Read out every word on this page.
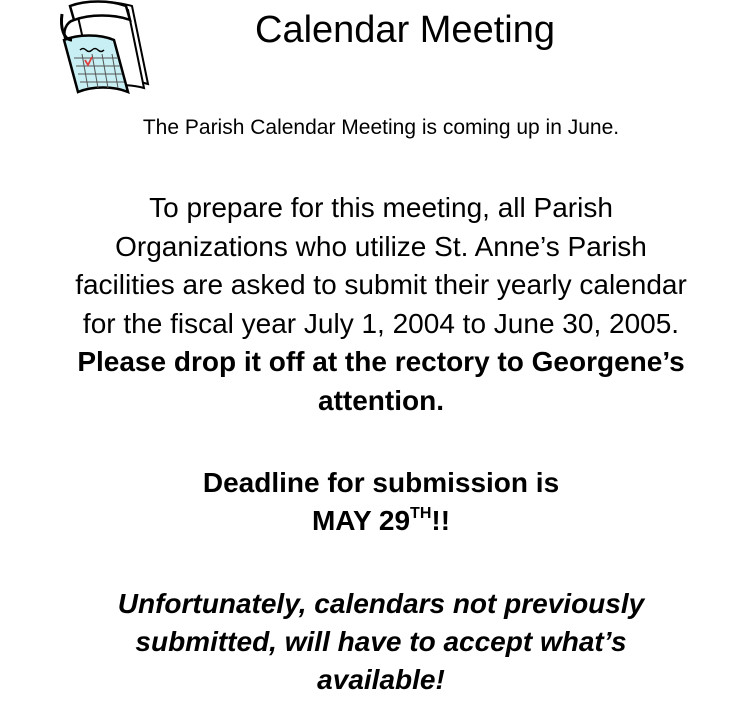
Calendar Meeting

The Parish Calendar Meeting is coming up in June.

To prepare for this meeting, all Parish
Organizations who utilize St. Anne’s Parish
facilities are asked to submit their yearly calendar
for the fiscal year July 1, 2004 to June 30, 2005.
Please drop it off at the rectory to Georgene’s
attention.
Deadline for submission is
MAY 29TH!!
Unfortunately, calendars not previously
submitted, will have to accept what’s
available!
